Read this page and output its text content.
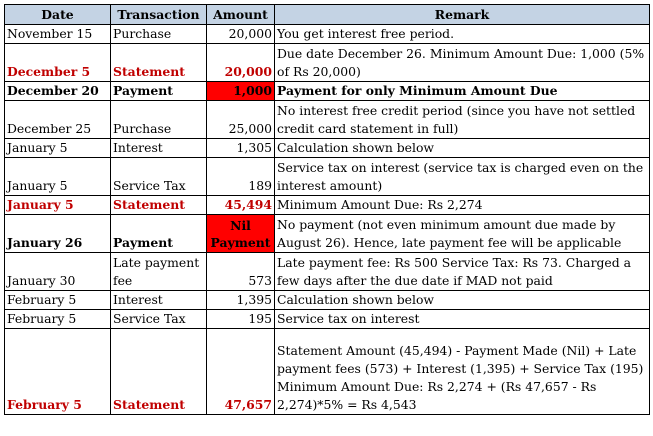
Date	Transaction	Amount	Remark
November 15	Purchase	20,000	You get interest free period.
December 5	Statement	20,000	Due date December 26. Minimum Amount Due: 1,000 (5% of Rs 20,000)
December 20	Payment	1,000	Payment for only Minimum Amount Due
December 25	Purchase	25,000	No interest free credit period (since you have not settled credit card statement in full)
January 5	Interest	1,305	Calculation shown below
January 5	Service Tax	189	Service tax on interest (service tax is charged even on the interest amount)
January 5	Statement	45,494	Minimum Amount Due: Rs 2,274
January 26	Payment	Nil Payment	No payment (not even minimum amount due made by August 26). Hence, late payment fee will be applicable
January 30	Late payment fee	573	Late payment fee: Rs 500 Service Tax: Rs 73. Charged a few days after the due date if MAD not paid
February 5	Interest	1,395	Calculation shown below
February 5	Service Tax	195	Service tax on interest
February 5	Statement	47,657	Statement Amount (45,494) - Payment Made (Nil) + Late payment fees (573) + Interest (1,395) + Service Tax (195) Minimum Amount Due: Rs 2,274 + (Rs 47,657 - Rs 2,274)*5% = Rs 4,543
